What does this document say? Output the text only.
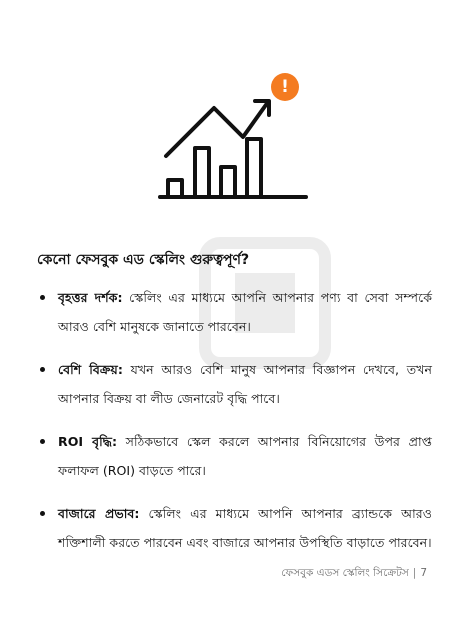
!
কেনো ফেসবুক এড স্কেলিং গুরুত্বপূর্ণ?
বৃহত্তর দর্শক: স্কেলিং এর মাধ্যমে আপনি আপনার পণ্য বা সেবা সম্পর্কে আরও বেশি মানুষকে জানাতে পারবেন।
বেশি বিক্রয়: যখন আরও বেশি মানুষ আপনার বিজ্ঞাপন দেখবে, তখন আপনার বিক্রয় বা লীড জেনারেট বৃদ্ধি পাবে।
ROI বৃদ্ধি: সঠিকভাবে স্কেল করলে আপনার বিনিয়োগের উপর প্রাপ্ত ফলাফল (ROI) বাড়তে পারে।
বাজারে প্রভাব: স্কেলিং এর মাধ্যমে আপনি আপনার ব্র্যান্ডকে আরও শক্তিশালী করতে পারবেন এবং বাজারে আপনার উপস্থিতি বাড়াতে পারবেন।
ফেসবুক এডস স্কেলিং সিক্রেটস | 7
